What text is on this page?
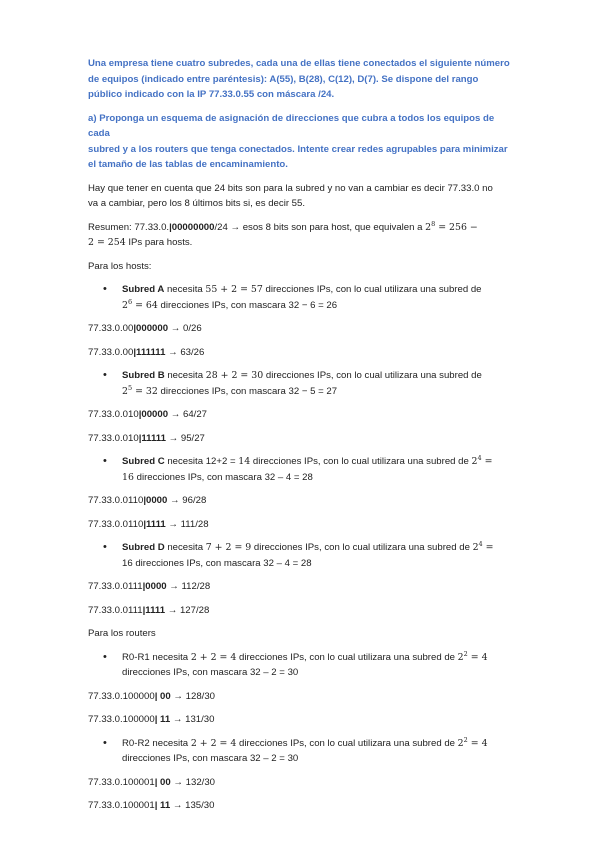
Una empresa tiene cuatro subredes, cada una de ellas tiene conectados el siguiente número
de equipos (indicado entre paréntesis): A(55), B(28), C(12), D(7). Se dispone del rango
público indicado con la IP 77.33.0.55 con máscara /24.

a) Proponga un esquema de asignación de direcciones que cubra a todos los equipos de cada
subred y a los routers que tenga conectados. Intente crear redes agrupables para minimizar
el tamaño de las tablas de encaminamiento.

Hay que tener en cuenta que 24 bits son para la subred y no van a cambiar es decir 77.33.0 no
va a cambiar, pero los 8 últimos bits si, es decir 55.

Resumen: 77.33.0.|00000000/24 → esos 8 bits son para host, que equivalen a $2^8 = 256$ −
2 = 254 IPs para hosts.

Para los hosts:

• Subred A necesita 55 + 2 = 57 direcciones IPs, con lo cual utilizara una subred de
$2^6 = 64$ direcciones IPs, con mascara 32 − 6 = 26

77.33.0.00|000000 → 0/26

77.33.0.00|111111 → 63/26

• Subred B necesita 28 + 2 = 30 direcciones IPs, con lo cual utilizara una subred de
$2^5 = 32$ direcciones IPs, con mascara 32 − 5 = 27

77.33.0.010|00000 → 64/27

77.33.0.010|11111 → 95/27

• Subred C necesita 12+2 = 14 direcciones IPs, con lo cual utilizara una subred de $2^4$ =
16 direcciones IPs, con mascara 32 – 4 = 28

77.33.0.0110|0000 → 96/28

77.33.0.0110|1111 → 111/28

• Subred D necesita 7 + 2 = 9 direcciones IPs, con lo cual utilizara una subred de $2^4$ =
16 direcciones IPs, con mascara 32 – 4 = 28

77.33.0.0111|0000 → 112/28

77.33.0.0111|1111 → 127/28

Para los routers

• R0-R1 necesita 2 + 2 = 4 direcciones IPs, con lo cual utilizara una subred de $2^2 = 4$
direcciones IPs, con mascara 32 – 2 = 30

77.33.0.100000| 00 → 128/30

77.33.0.100000| 11 → 131/30

• R0-R2 necesita 2 + 2 = 4 direcciones IPs, con lo cual utilizara una subred de $2^2 = 4$
direcciones IPs, con mascara 32 – 2 = 30

77.33.0.100001| 00 → 132/30

77.33.0.100001| 11 → 135/30
